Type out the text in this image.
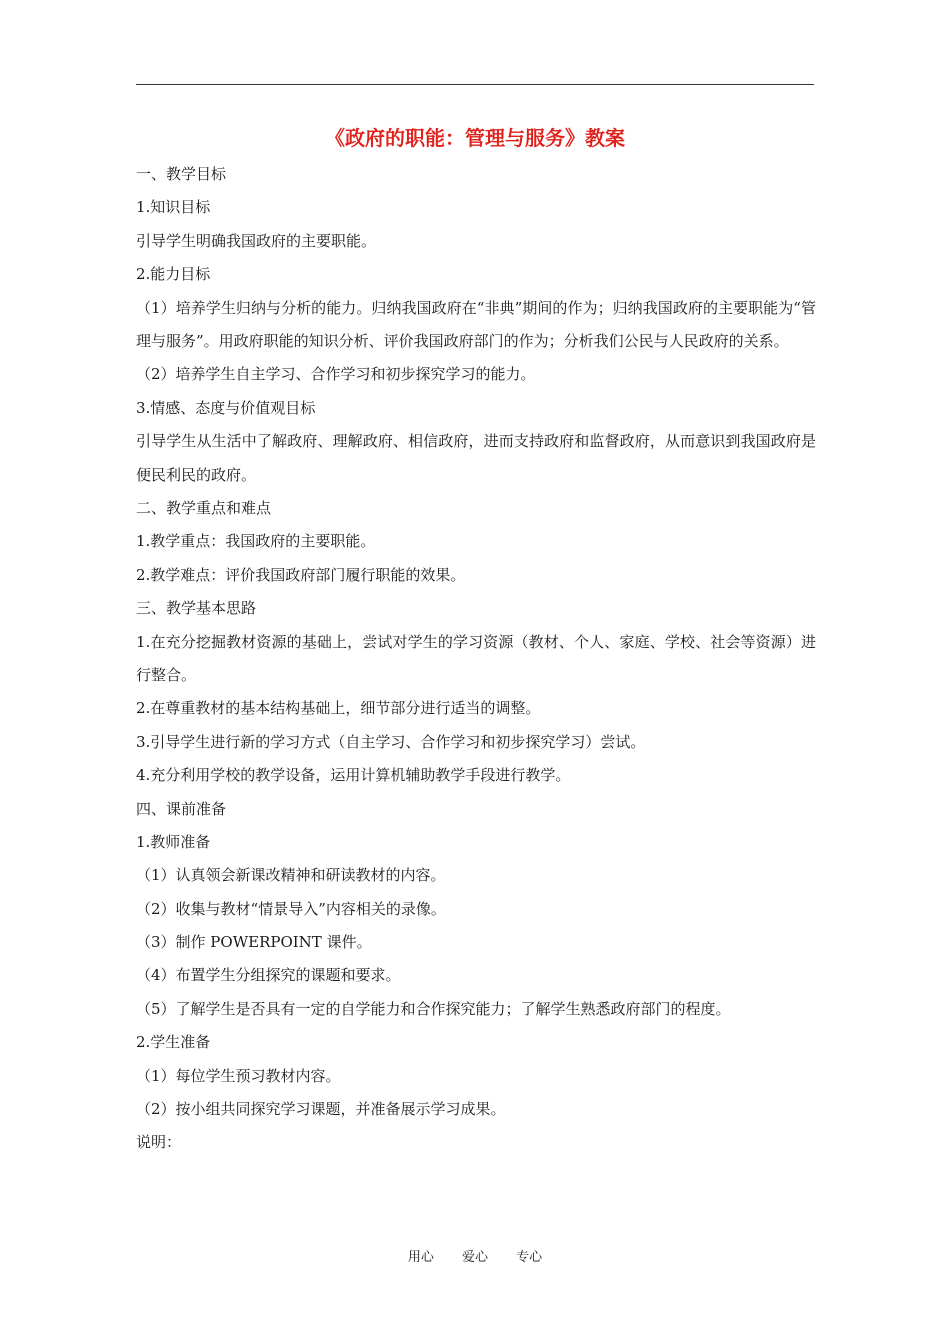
《政府的职能：管理与服务》教案

一、教学目标

1.知识目标

引导学生明确我国政府的主要职能。

2.能力目标

（1）培养学生归纳与分析的能力。归纳我国政府在“非典”期间的作为；归纳我国政府的主要职能为“管理与服务”。用政府职能的知识分析、评价我国政府部门的作为；分析我们公民与人民政府的关系。

（2）培养学生自主学习、合作学习和初步探究学习的能力。

3.情感、态度与价值观目标

引导学生从生活中了解政府、理解政府、相信政府，进而支持政府和监督政府，从而意识到我国政府是便民利民的政府。

二、教学重点和难点

1.教学重点：我国政府的主要职能。

2.教学难点：评价我国政府部门履行职能的效果。

三、教学基本思路

1.在充分挖掘教材资源的基础上，尝试对学生的学习资源（教材、个人、家庭、学校、社会等资源）进行整合。

2.在尊重教材的基本结构基础上，细节部分进行适当的调整。

3.引导学生进行新的学习方式（自主学习、合作学习和初步探究学习）尝试。

4.充分利用学校的教学设备，运用计算机辅助教学手段进行教学。

四、课前准备

1.教师准备

（1）认真领会新课改精神和研读教材的内容。

（2）收集与教材“情景导入”内容相关的录像。

（3）制作 POWERPOINT 课件。

（4）布置学生分组探究的课题和要求。

（5）了解学生是否具有一定的自学能力和合作探究能力；了解学生熟悉政府部门的程度。

2.学生准备

（1）每位学生预习教材内容。

（2）按小组共同探究学习课题，并准备展示学习成果。

说明：

用心 爱心 专心
